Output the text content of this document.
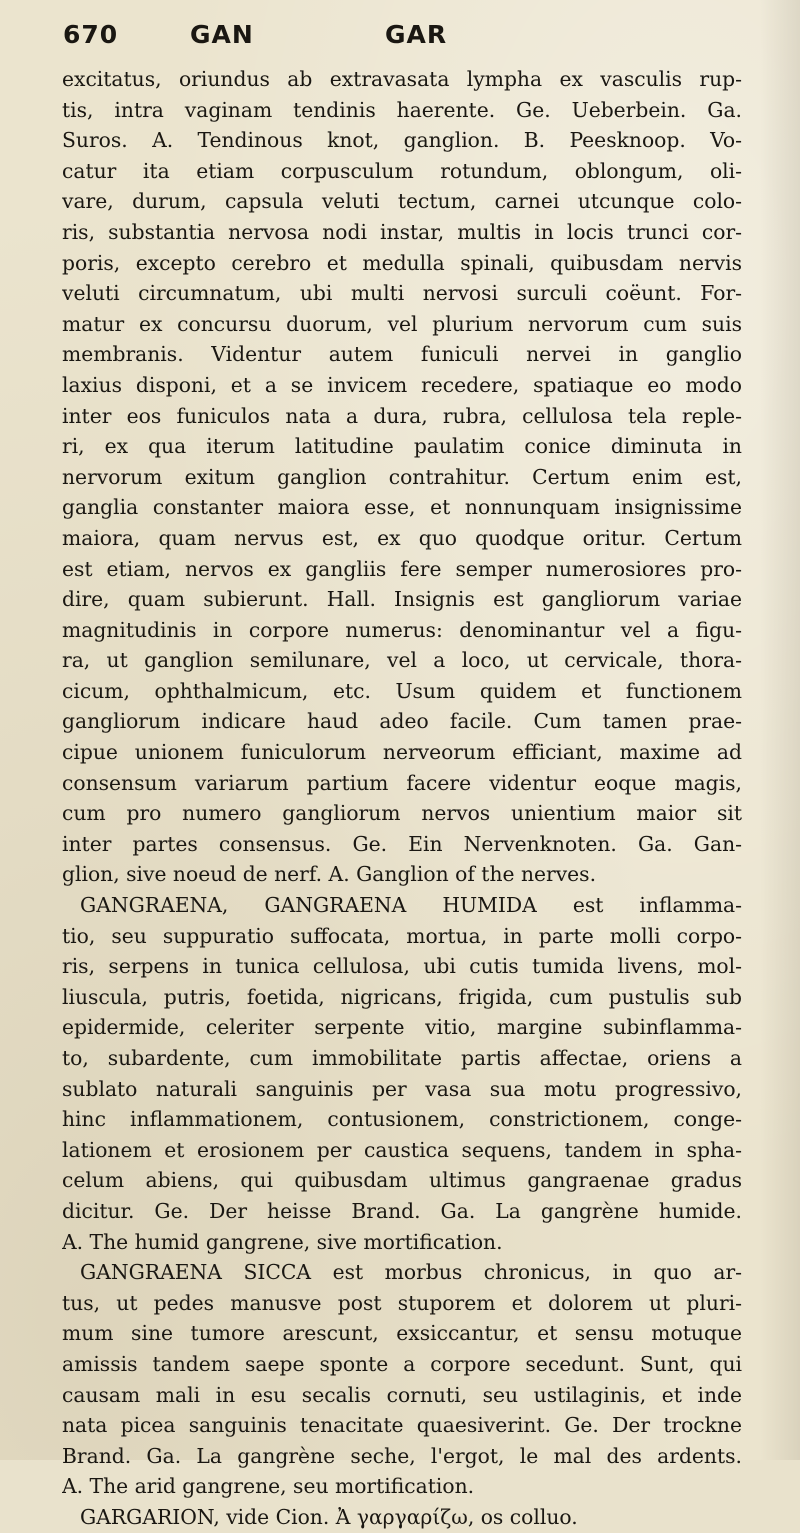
670	GAN	GAR
excitatus, oriundus ab extravasata lympha ex vasculis rup-
tis, intra vaginam tendinis haerente. Ge. Ueberbein. Ga.
Suros. A. Tendinous knot, ganglion. B. Peesknoop. Vo-
catur ita etiam corpusculum rotundum, oblongum, oli-
vare, durum, capsula veluti tectum, carnei utcunque colo-
ris, substantia nervosa nodi instar, multis in locis trunci cor-
poris, excepto cerebro et medulla spinali, quibusdam nervis
veluti circumnatum, ubi multi nervosi surculi coëunt. For-
matur ex concursu duorum, vel plurium nervorum cum suis
membranis. Videntur autem funiculi nervei in ganglio
laxius disponi, et a se invicem recedere, spatiaque eo modo
inter eos funiculos nata a dura, rubra, cellulosa tela reple-
ri, ex qua iterum latitudine paulatim conice diminuta in
nervorum exitum ganglion contrahitur. Certum enim est,
ganglia constanter maiora esse, et nonnunquam insignissime
maiora, quam nervus est, ex quo quodque oritur. Certum
est etiam, nervos ex gangliis fere semper numerosiores pro-
dire, quam subierunt. Hall. Insignis est gangliorum variae
magnitudinis in corpore numerus: denominantur vel a figu-
ra, ut ganglion semilunare, vel a loco, ut cervicale, thora-
cicum, ophthalmicum, etc. Usum quidem et functionem
gangliorum indicare haud adeo facile. Cum tamen prae-
cipue unionem funiculorum nerveorum efficiant, maxime ad
consensum variarum partium facere videntur eoque magis,
cum pro numero gangliorum nervos unientium maior sit
inter partes consensus. Ge. Ein Nervenknoten. Ga. Gan-
glion, sive noeud de nerf. A. Ganglion of the nerves.
GANGRAENA, GANGRAENA HUMIDA est inflamma-
tio, seu suppuratio suffocata, mortua, in parte molli corpo-
ris, serpens in tunica cellulosa, ubi cutis tumida livens, mol-
liuscula, putris, foetida, nigricans, frigida, cum pustulis sub
epidermide, celeriter serpente vitio, margine subinflamma-
to, subardente, cum immobilitate partis affectae, oriens a
sublato naturali sanguinis per vasa sua motu progressivo,
hinc inflammationem, contusionem, constrictionem, conge-
lationem et erosionem per caustica sequens, tandem in spha-
celum abiens, qui quibusdam ultimus gangraenae gradus
dicitur. Ge. Der heisse Brand. Ga. La gangrène humide.
A. The humid gangrene, sive mortification.
GANGRAENA SICCA est morbus chronicus, in quo ar-
tus, ut pedes manusve post stuporem et dolorem ut pluri-
mum sine tumore arescunt, exsiccantur, et sensu motuque
amissis tandem saepe sponte a corpore secedunt. Sunt, qui
causam mali in esu secalis cornuti, seu ustilaginis, et inde
nata picea sanguinis tenacitate quaesiverint. Ge. Der trockne
Brand. Ga. La gangrène seche, l'ergot, le mal des ardents.
A. The arid gangrene, seu mortification.
GARGARION, vide Cion. Ἀ γαργαρίζω, os colluo.
